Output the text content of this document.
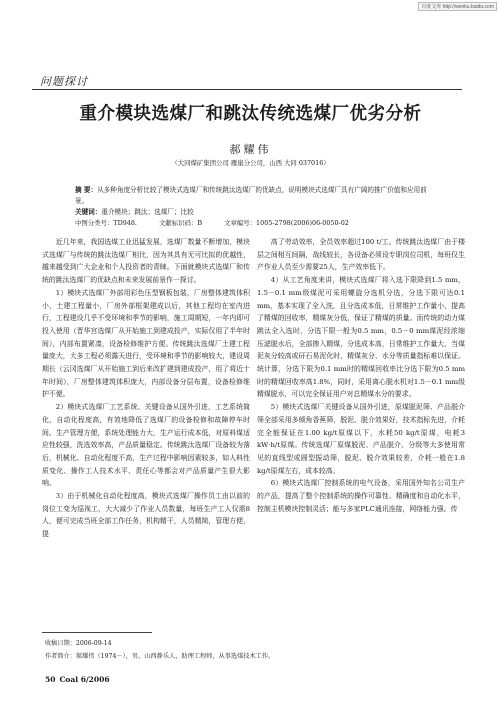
百度文库 http://wenku.baidu.com
问题探讨
重介模块选煤厂和跳汰传统选煤厂优劣分析
郝耀伟
（大同煤矿集团公司 雁崖分公司，山西 大同 037016）
摘 要：从多种角度分析比较了模块式选煤厂和传统跳汰选煤厂的优缺点，说明模块式选煤厂具有广阔的推广价值和应用前景。
关键词：重介模块；跳汰；选煤厂；比较
中图分类号：TD948.	文献标识码：B	文章编号：1005-2798(2006)06-0050-02

近几年来，我国选煤工业迅猛发展，选煤厂数量不断增加，模块式选煤厂与传统的跳汰选煤厂相比，因为其具有无可比拟的优越性，越来越受到广大企业和个人投资者的青睐。下面就模块式选煤厂和传统的跳汰选煤厂的优缺点和未来发展前景作一探讨。

1）模块式选煤厂外部用彩色压型钢板包装，厂房整体建筑体积小，土建工程量小，厂房外部框架建成以后，其他工程均在室内进行，工程建设几乎不受环境和季节的影响，施工周期短，一年内即可投入使用（晋华宫选煤厂从开始施工到建成投产，实际仅用了半年时间），内部布置紧凑，设备检修维护方便。传统跳汰选煤厂土建工程量庞大，大多工程必须露天进行，受环境和季节的影响较大，建设周期长（云冈选煤厂从开始施工到后来改扩建到建成投产，用了将近十年时间），厂房整体建筑体积庞大，内部设备分层布置，设备检修维护不便。

2）模块式选煤厂工艺系统、关键设备从国外引进，工艺系统简化，自动化程度高，有效地降低了选煤厂的设备检修和故障停车时间。生产管理方便，系统处理能力大，生产运行成本低，对原料煤适应性较强，洗选效率高，产品质量稳定。传统跳汰选煤厂设备较为落后，机械化、自动化程度不高，生产过程中影响因素较多，如人料性质变化、操作工人技术水平、责任心等都会对产品质量产生很大影响。

3）由于机械化自动化程度高，模块式选煤厂操作员工由以前的岗位工变为巡视工，大大减少了作业人员数量，每班生产工人仅需8人，便可完成当班全部工作任务，机构精干，人员精简，管理方便，提

高了劳动效率，全员效率超过100 t/工。传统跳汰选煤厂由于楼层之间相互间隔，战线较长，各设备必须设专职岗位司机，每班仅生产作业人员至少需要25人，生产效率低下。

4）从工艺角度来讲，模块式选煤厂将入选下限降到1.5 mm，1.5－0.1 mm级煤泥可采用螺旋分选机分选，分选下限可达0.1 mm，基本实现了全入洗，且分选成本低，日常维护工作量小，提高了精煤的回收率，精煤灰分低，保证了精煤的质量。而传统的动力煤跳汰全入选时，分选下限一般为0.5 mm，0.5－0 mm煤泥经浓缩压滤脱水后，全部掺入精煤，分选成本高，日常维护工作量大，当煤泥灰分较高或矸石易泥化时，精煤灰分、水分等质量指标难以保证。统计算，分选下限为0.1 mm时的精煤回收率比分选下限为0.5 mm时的精煤回收率高1.8%，同时，采用离心脱水机对1.5－0.1 mm级精煤脱水，可以完全保证用户对总精煤水分的要求。

5）模块式选煤厂关键设备从国外引进，原煤脱泥筛、产品脱介筛全部采用多倾角香蕉筛，脱泥、脱介效果好，技术指标先进，介耗完全能保证在1.00 kg/t原煤以下，水耗50 kg/t原煤，电耗3 kW·h/t原煤。传统选煤厂原煤脱泥、产品脱介、分级等大多使用常见的直线型或圆型振动筛，脱泥、脱介效果较差，介耗一般在1.8 kg/t原煤左右，成本较高。

6）模块式选煤厂控制系统的电气设备，采用国外知名公司生产的产品，提高了整个控制系统的操作可靠性、精确度和自动化水平，控制主机模块控制灵活；能与多家PLC通讯连接，网络能力强。传

收稿日期：2006-09-14
作者简介：郝耀伟（1974－），男，山西静乐人，助理工程师，从事选煤技术工作。
50 Coal 6/2006
